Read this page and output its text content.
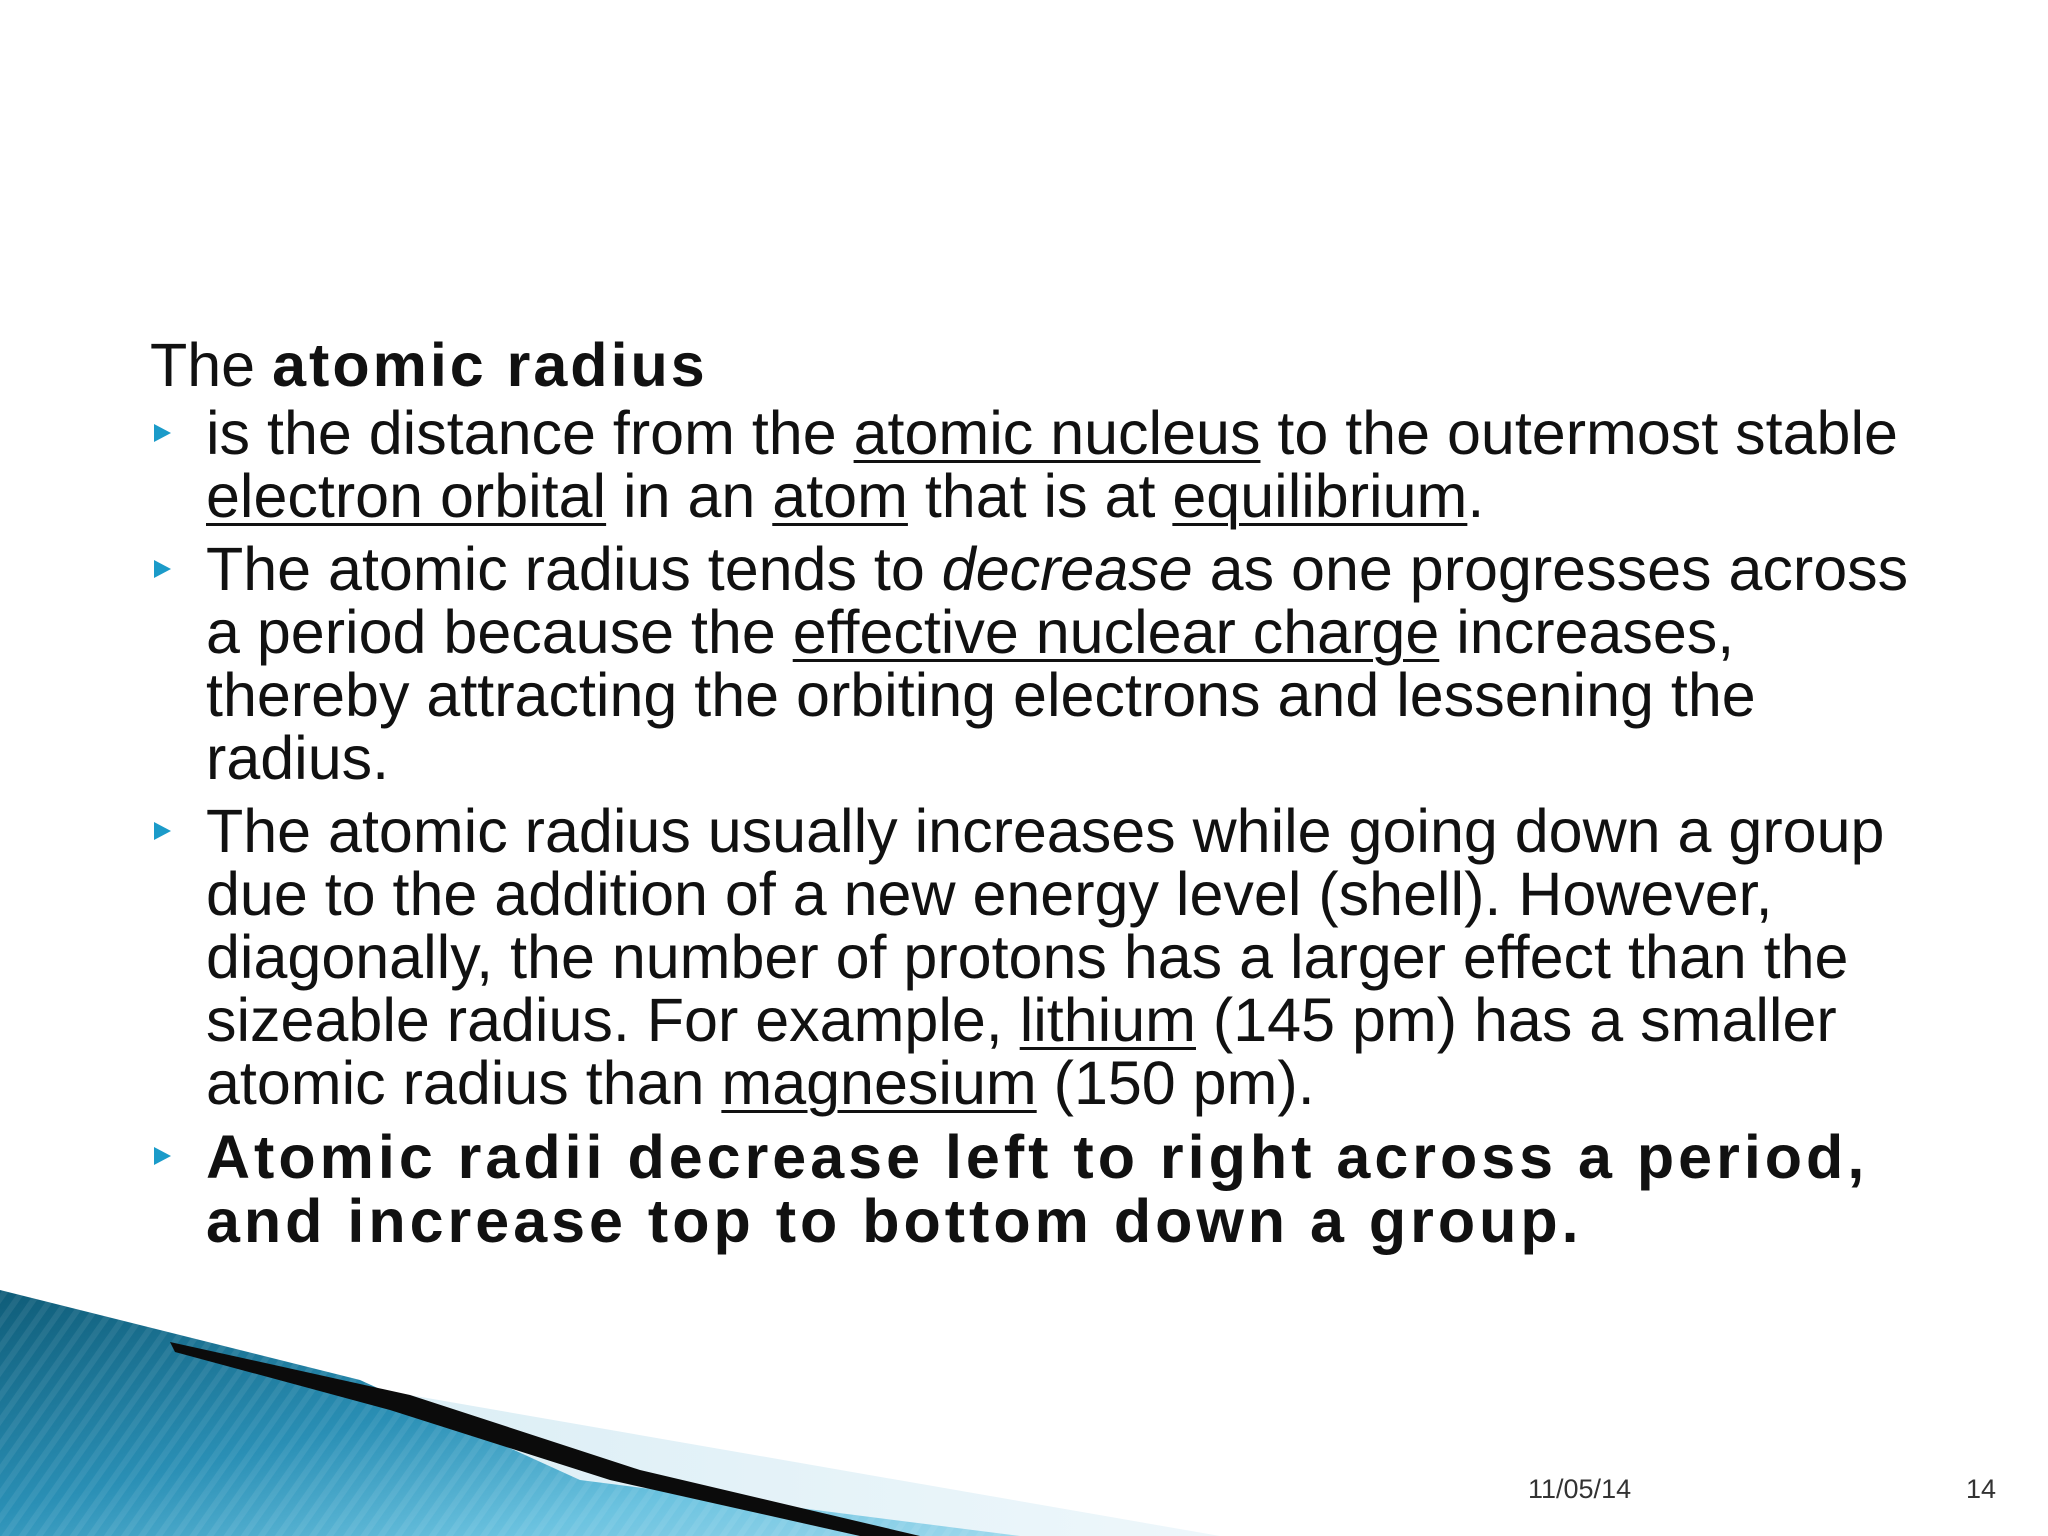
The atomic radius
is the distance from the atomic nucleus to the outermost stable electron orbital in an atom that is at equilibrium.
The atomic radius tends to decrease as one progresses across a period because the effective nuclear charge increases, thereby attracting the orbiting electrons and lessening the radius.
The atomic radius usually increases while going down a group due to the addition of a new energy level (shell). However, diagonally, the number of protons has a larger effect than the sizeable radius. For example, lithium (145 pm) has a smaller atomic radius than magnesium (150 pm).
Atomic radii decrease left to right across a period, and increase top to bottom down a group.
11/05/14	14
